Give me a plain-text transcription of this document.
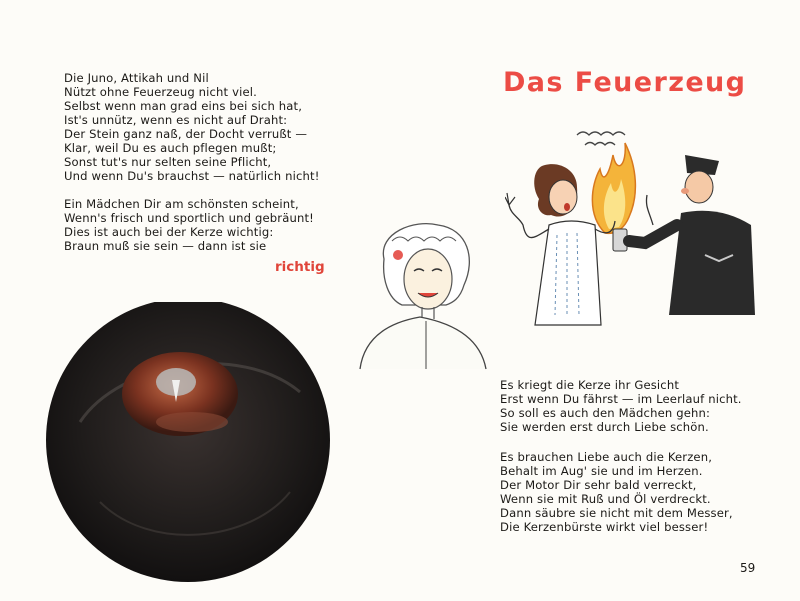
Die Juno, Attikah und Nil
Nützt ohne Feuerzeug nicht viel.
Selbst wenn man grad eins bei sich hat,
Ist's unnütz, wenn es nicht auf Draht:
Der Stein ganz naß, der Docht verrußt —
Klar, weil Du es auch pflegen mußt;
Sonst tut's nur selten seine Pflicht,
Und wenn Du's brauchst — natürlich nicht!
Ein Mädchen Dir am schönsten scheint,
Wenn's frisch und sportlich und gebräunt!
Dies ist auch bei der Kerze wichtig:
Braun muß sie sein — dann ist sie
richtig
Das Feuerzeug
Es kriegt die Kerze ihr Gesicht
Erst wenn Du fährst — im Leerlauf nicht.
So soll es auch den Mädchen gehn:
Sie werden erst durch Liebe schön.
Es brauchen Liebe auch die Kerzen,
Behalt im Aug' sie und im Herzen.
Der Motor Dir sehr bald verreckt,
Wenn sie mit Ruß und Öl verdreckt.
Dann säubre sie nicht mit dem Messer,
Die Kerzenbürste wirkt viel besser!
59
